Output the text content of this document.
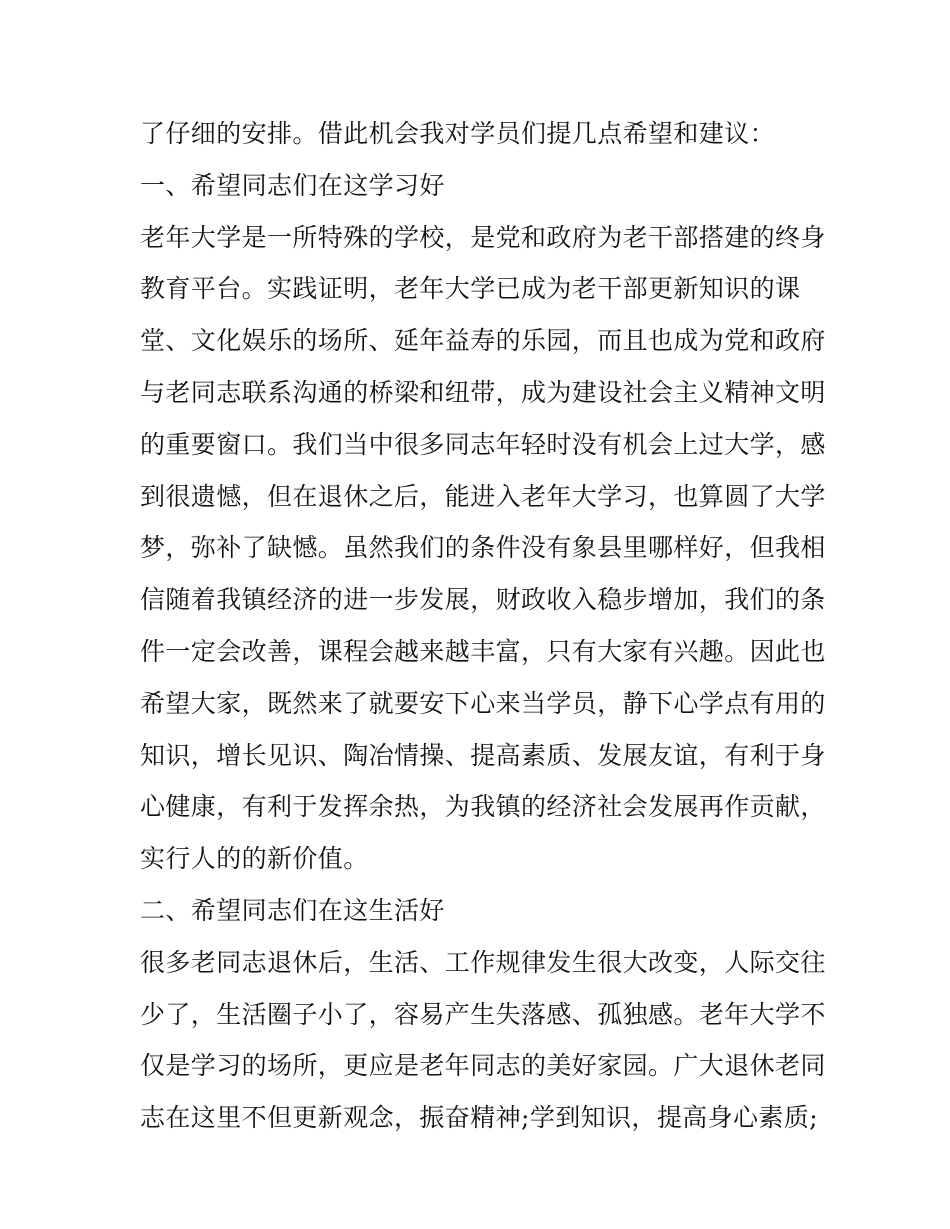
了仔细的安排。借此机会我对学员们提几点希望和建议：
一、希望同志们在这学习好
老年大学是一所特殊的学校，是党和政府为老干部搭建的终身
教育平台。实践证明，老年大学已成为老干部更新知识的课
堂、文化娱乐的场所、延年益寿的乐园，而且也成为党和政府
与老同志联系沟通的桥梁和纽带，成为建设社会主义精神文明
的重要窗口。我们当中很多同志年轻时没有机会上过大学，感
到很遗憾，但在退休之后，能进入老年大学习，也算圆了大学
梦，弥补了缺憾。虽然我们的条件没有象县里哪样好，但我相
信随着我镇经济的进一步发展，财政收入稳步增加，我们的条
件一定会改善，课程会越来越丰富，只有大家有兴趣。因此也
希望大家，既然来了就要安下心来当学员，静下心学点有用的
知识，增长见识、陶冶情操、提高素质、发展友谊，有利于身
心健康，有利于发挥余热，为我镇的经济社会发展再作贡献，
实行人的的新价值。
二、希望同志们在这生活好
很多老同志退休后，生活、工作规律发生很大改变，人际交往
少了，生活圈子小了，容易产生失落感、孤独感。老年大学不
仅是学习的场所，更应是老年同志的美好家园。广大退休老同
志在这里不但更新观念，振奋精神;学到知识，提高身心素质;
